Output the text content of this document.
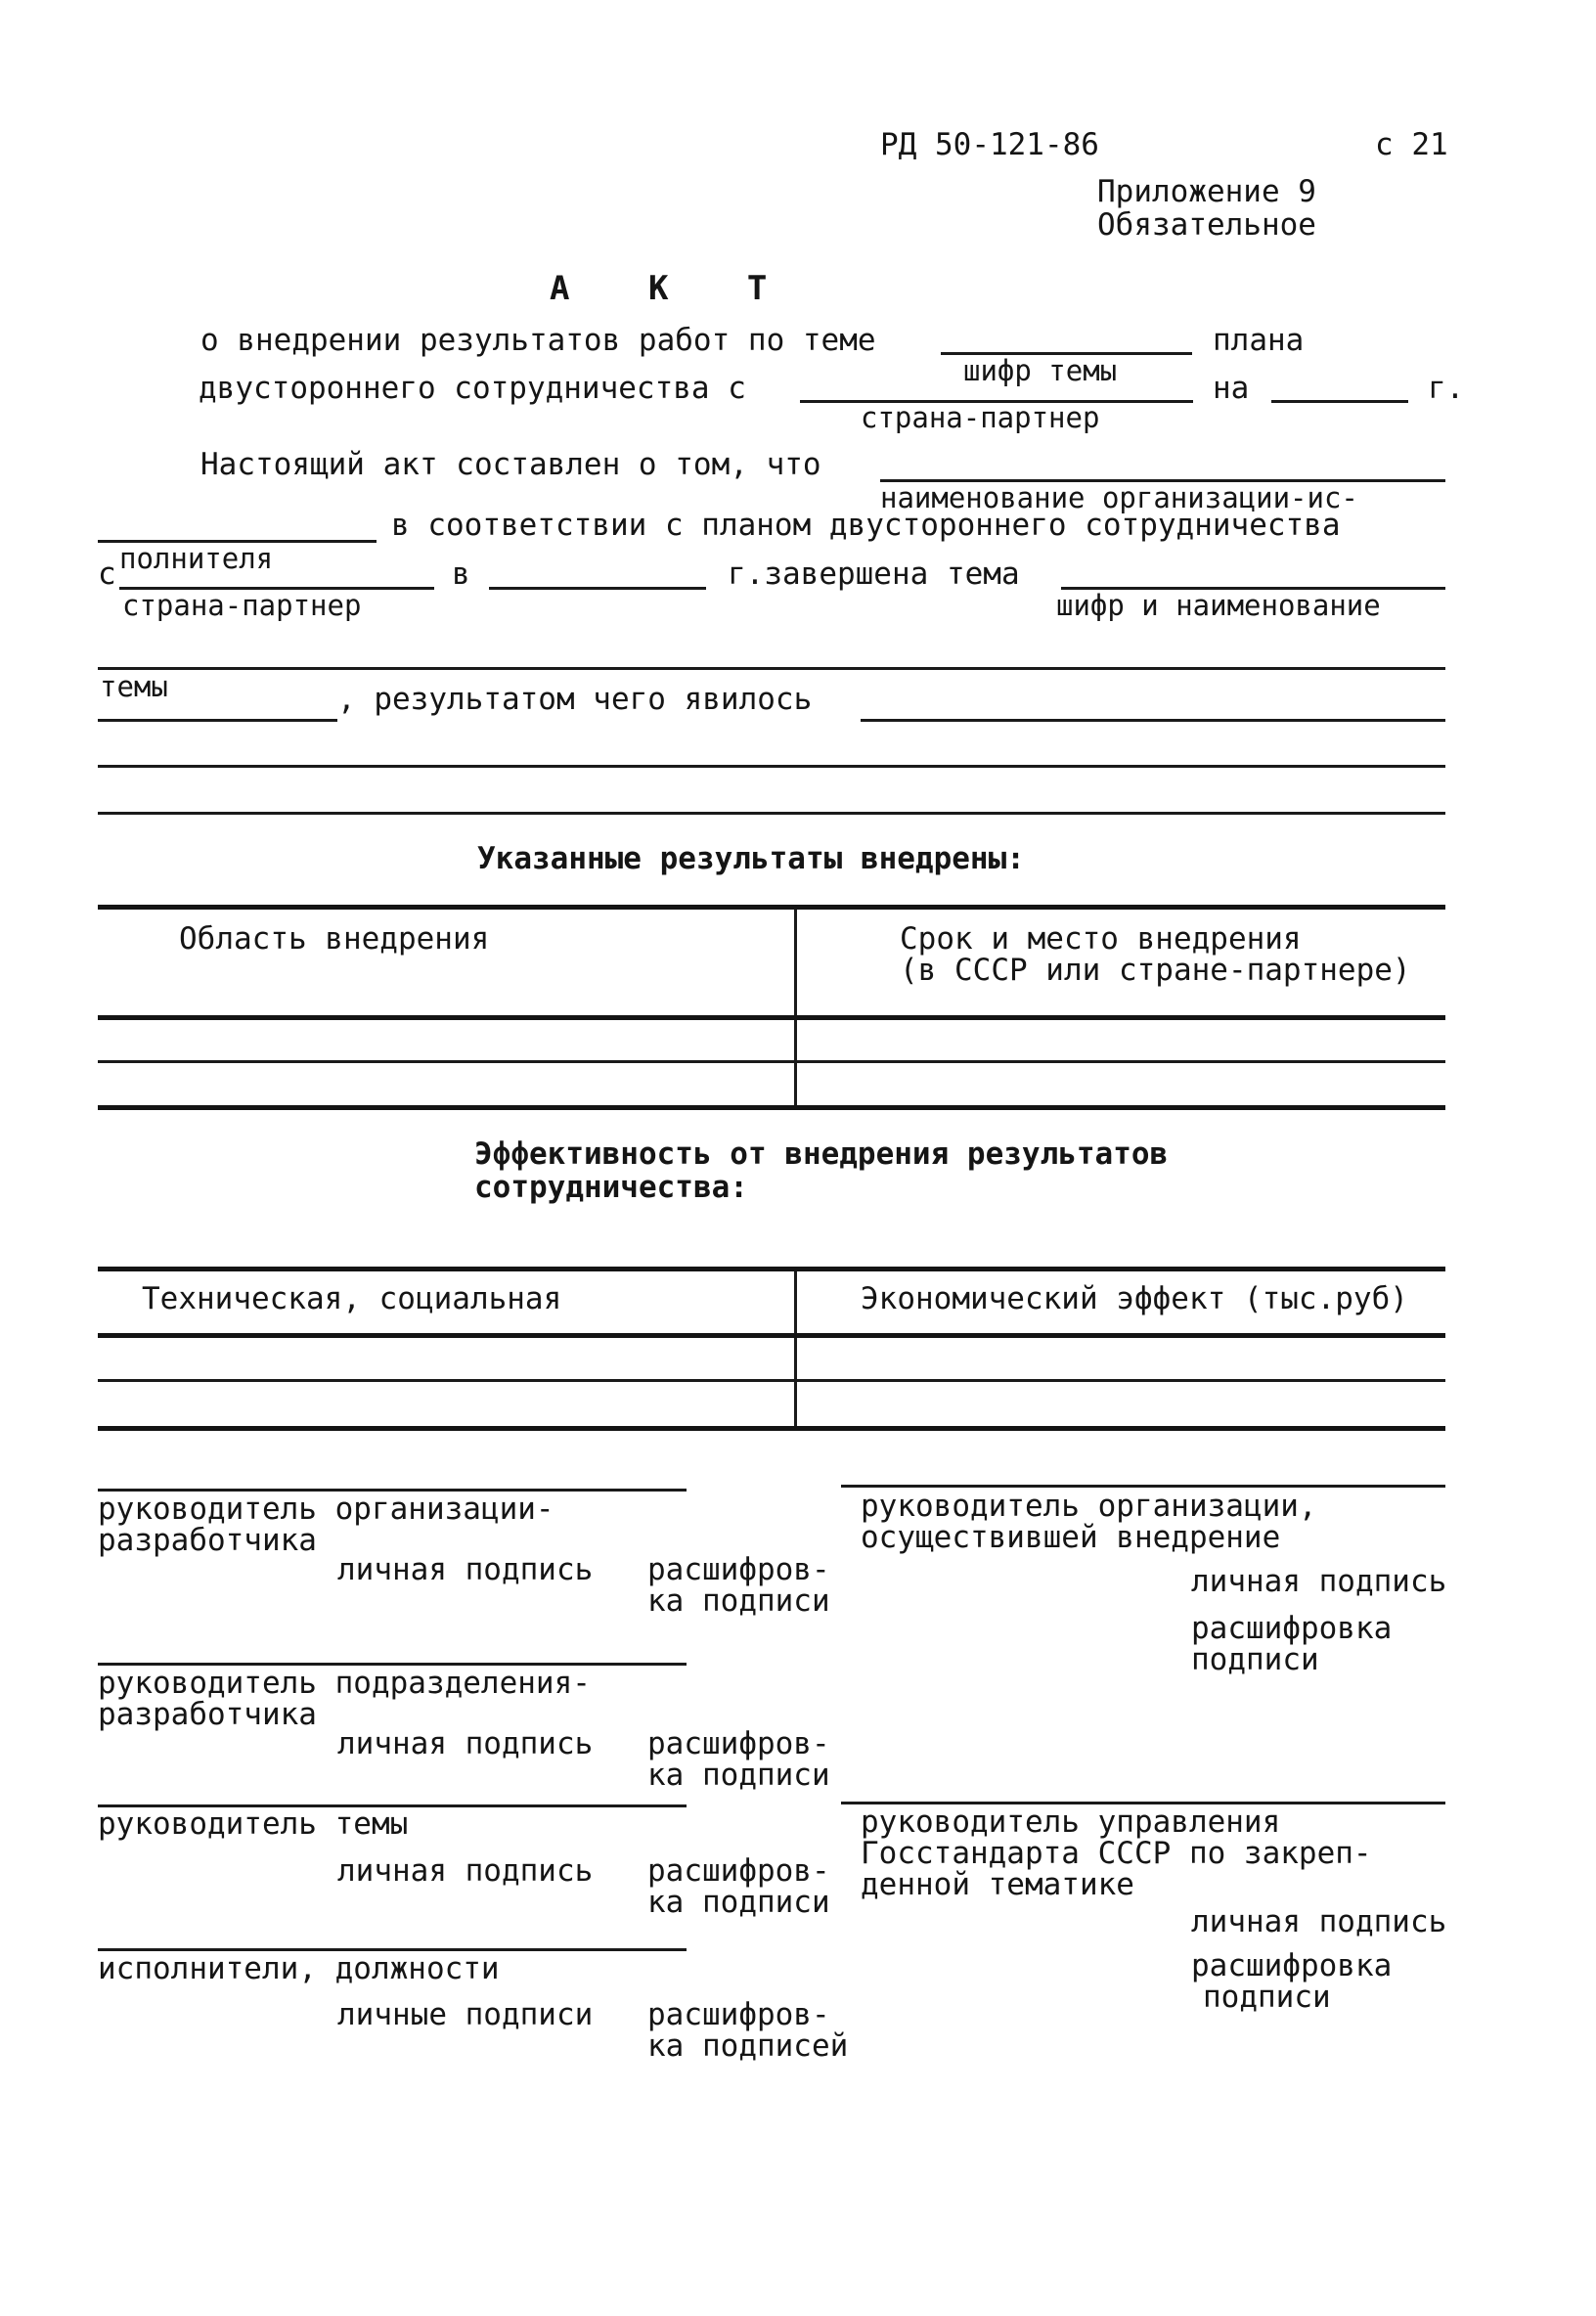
РД 50-121-86	с 21
Приложение 9
Обязательное
А К Т
о внедрении результатов работ по теме	плана
шифр темы
двустороннего сотрудничества с	на	г.
страна-партнер
Настоящий акт составлен о том, что
наименование организации-ис-
в соответствии с планом двустороннего сотрудничества
полнителя
с	в	г.завершена тема
страна-партнер	шифр и наименование
темы	, результатом чего явилось
Указанные результаты внедрены:
Область внедрения	Срок и место внедрения
(в СССР или стране-партнере)
Эффективность от внедрения результатов
сотрудничества:
Техническая, социальная	Экономический эффект (тыс.руб)
руководитель организации-
разработчика
личная подпись расшифров-
ка подписи
руководитель подразделения-
разработчика
личная подпись расшифров-
ка подписи
руководитель темы
личная подпись расшифров-
ка подписи
исполнители, должности
личные подписи расшифров-
ка подписей
руководитель организации,
осуществившей внедрение
личная подпись
расшифровка
подписи
руководитель управления
Госстандарта СССР по закреп-
денной тематике
личная подпись
расшифровка
подписи
